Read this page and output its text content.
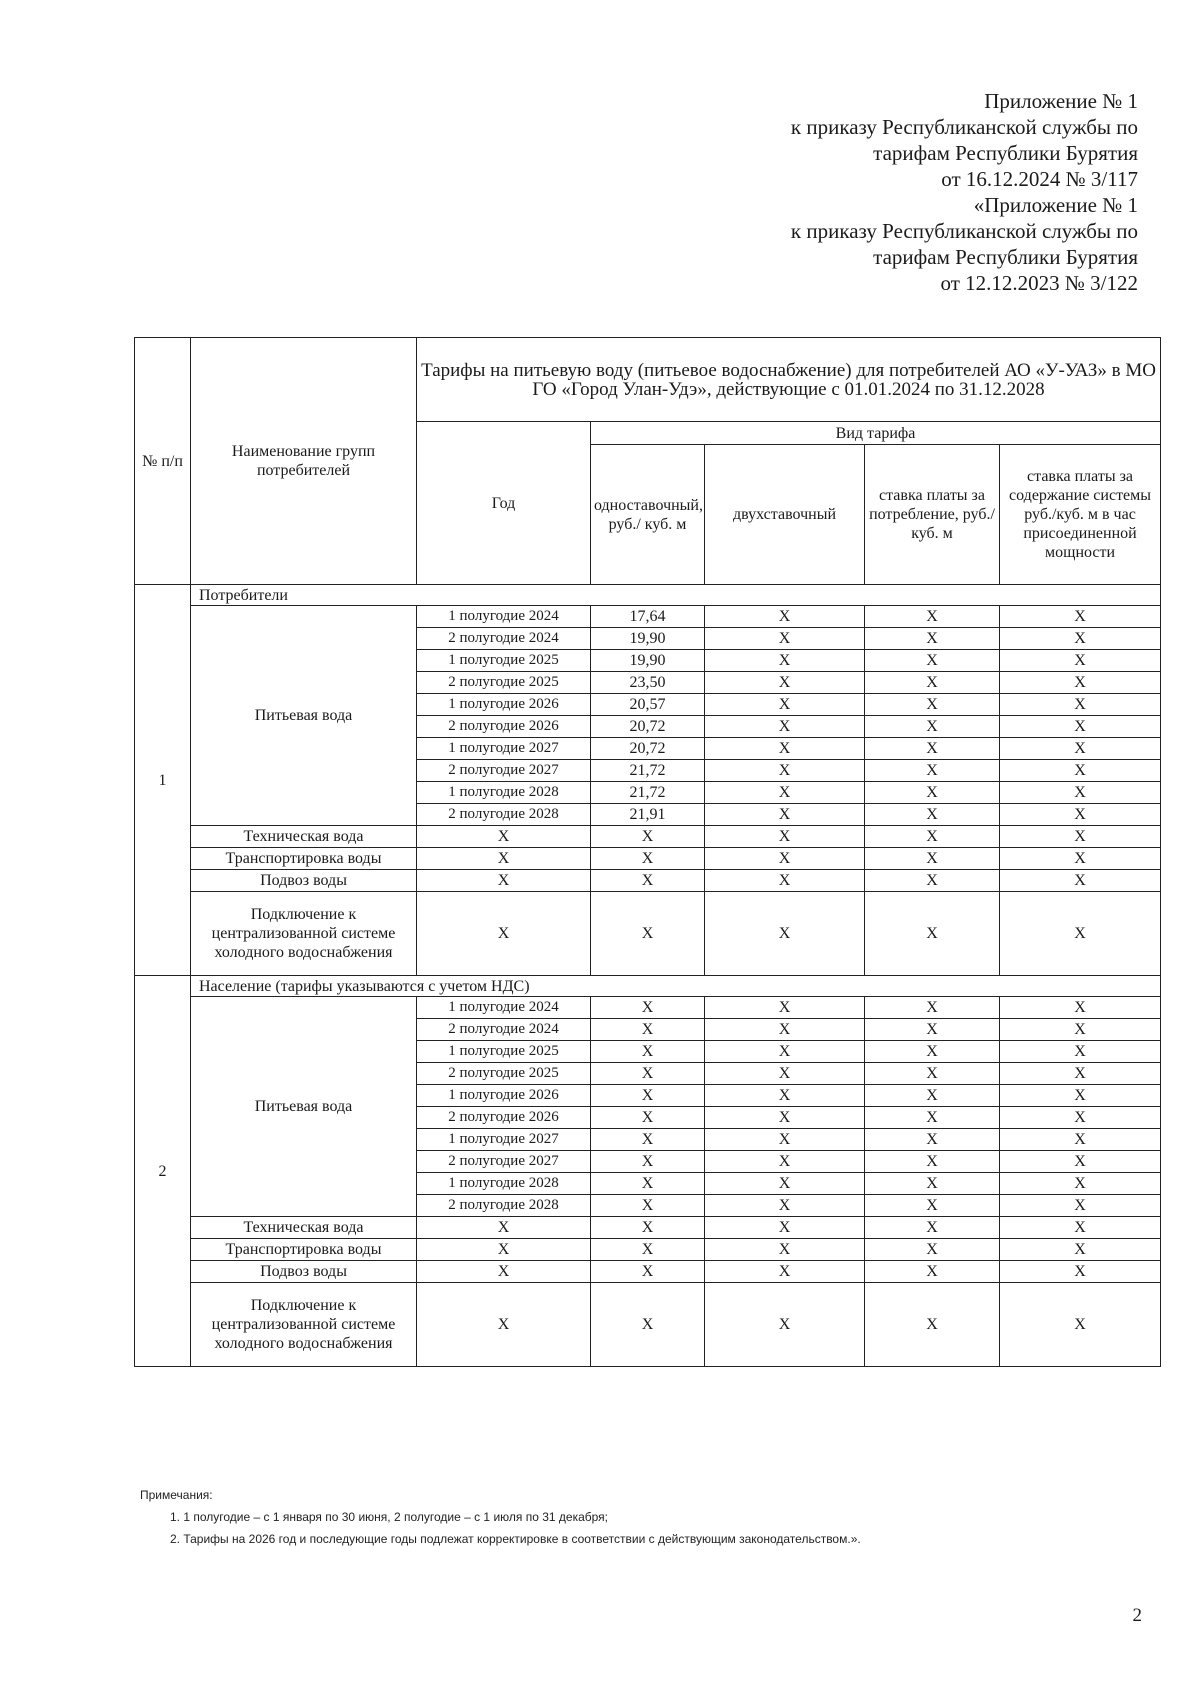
Приложение № 1
к приказу Республиканской службы по
тарифам Республики Бурятия
от 16.12.2024 № 3/117
«Приложение № 1
к приказу Республиканской службы по
тарифам Республики Бурятия
от 12.12.2023 № 3/122
№ п/п	Наименование групп потребителей	Тарифы на питьевую воду (питьевое водоснабжение) для потребителей АО «У-УАЗ» в МО ГО «Город Улан-Удэ», действующие с 01.01.2024 по 31.12.2028				
		Год	Вид тарифа			
			одноставочный, руб./ куб. м	двухставочный	ставка платы за потребление, руб./ куб. м	ставка платы за содержание системы руб./куб. м в час присоединенной мощности
1	Потребители					
	Питьевая вода	1 полугодие 2024	17,64	X	X	X
		2 полугодие 2024	19,90	X	X	X
		1 полугодие 2025	19,90	X	X	X
		2 полугодие 2025	23,50	X	X	X
		1 полугодие 2026	20,57	X	X	X
		2 полугодие 2026	20,72	X	X	X
		1 полугодие 2027	20,72	X	X	X
		2 полугодие 2027	21,72	X	X	X
		1 полугодие 2028	21,72	X	X	X
		2 полугодие 2028	21,91	X	X	X
	Техническая вода	X	X	X	X	X
	Транспортировка воды	X	X	X	X	X
	Подвоз воды	X	X	X	X	X
	Подключение к централизованной системе холодного водоснабжения	X	X	X	X	X
2	Население (тарифы указываются с учетом НДС)					
	Питьевая вода	1 полугодие 2024	X	X	X	X
		2 полугодие 2024	X	X	X	X
		1 полугодие 2025	X	X	X	X
		2 полугодие 2025	X	X	X	X
		1 полугодие 2026	X	X	X	X
		2 полугодие 2026	X	X	X	X
		1 полугодие 2027	X	X	X	X
		2 полугодие 2027	X	X	X	X
		1 полугодие 2028	X	X	X	X
		2 полугодие 2028	X	X	X	X
	Техническая вода	X	X	X	X	X
	Транспортировка воды	X	X	X	X	X
	Подвоз воды	X	X	X	X	X
	Подключение к централизованной системе холодного водоснабжения	X	X	X	X	X
Примечания:
1. 1 полугодие – с 1 января по 30 июня, 2 полугодие – с 1 июля по 31 декабря;
2. Тарифы на 2026 год и последующие годы подлежат корректировке в соответствии с действующим законодательством.».
2
